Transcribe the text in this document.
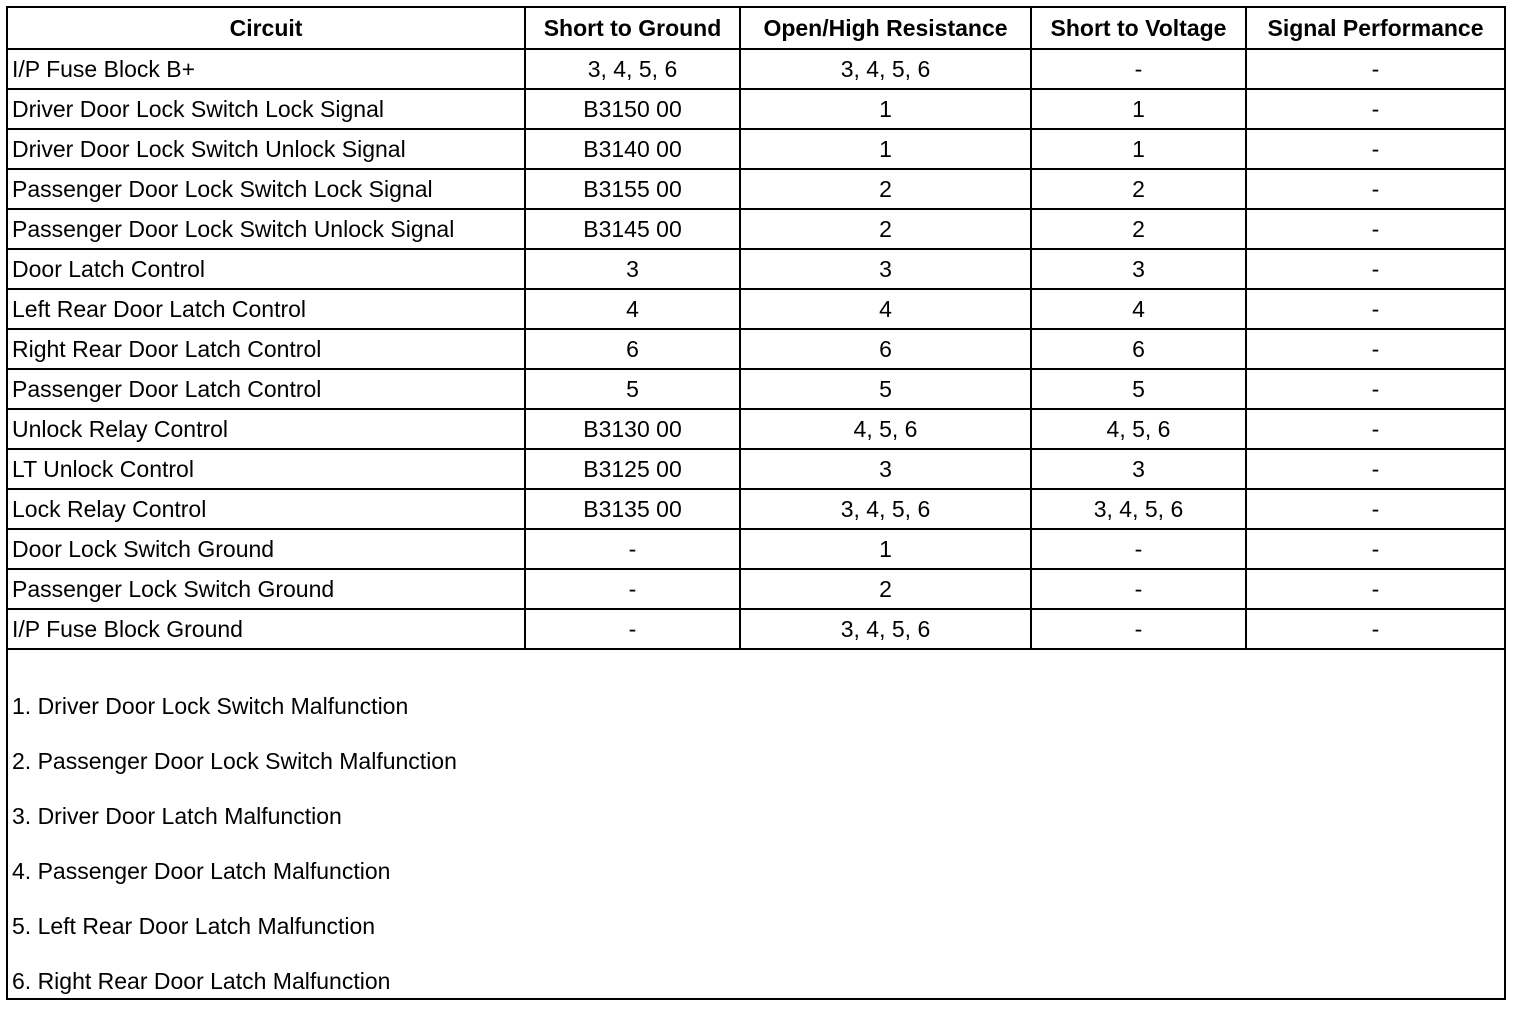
Circuit	Short to Ground	Open/High Resistance	Short to Voltage	Signal Performance
I/P Fuse Block B+	3, 4, 5, 6	3, 4, 5, 6	-	-
Driver Door Lock Switch Lock Signal	B3150 00	1	1	-
Driver Door Lock Switch Unlock Signal	B3140 00	1	1	-
Passenger Door Lock Switch Lock Signal	B3155 00	2	2	-
Passenger Door Lock Switch Unlock Signal	B3145 00	2	2	-
Door Latch Control	3	3	3	-
Left Rear Door Latch Control	4	4	4	-
Right Rear Door Latch Control	6	6	6	-
Passenger Door Latch Control	5	5	5	-
Unlock Relay Control	B3130 00	4, 5, 6	4, 5, 6	-
LT Unlock Control	B3125 00	3	3	-
Lock Relay Control	B3135 00	3, 4, 5, 6	3, 4, 5, 6	-
Door Lock Switch Ground	-	1	-	-
Passenger Lock Switch Ground	-	2	-	-
I/P Fuse Block Ground	-	3, 4, 5, 6	-	-
1. Driver Door Lock Switch Malfunction
2. Passenger Door Lock Switch Malfunction
3. Driver Door Latch Malfunction
4. Passenger Door Latch Malfunction
5. Left Rear Door Latch Malfunction
6. Right Rear Door Latch Malfunction
